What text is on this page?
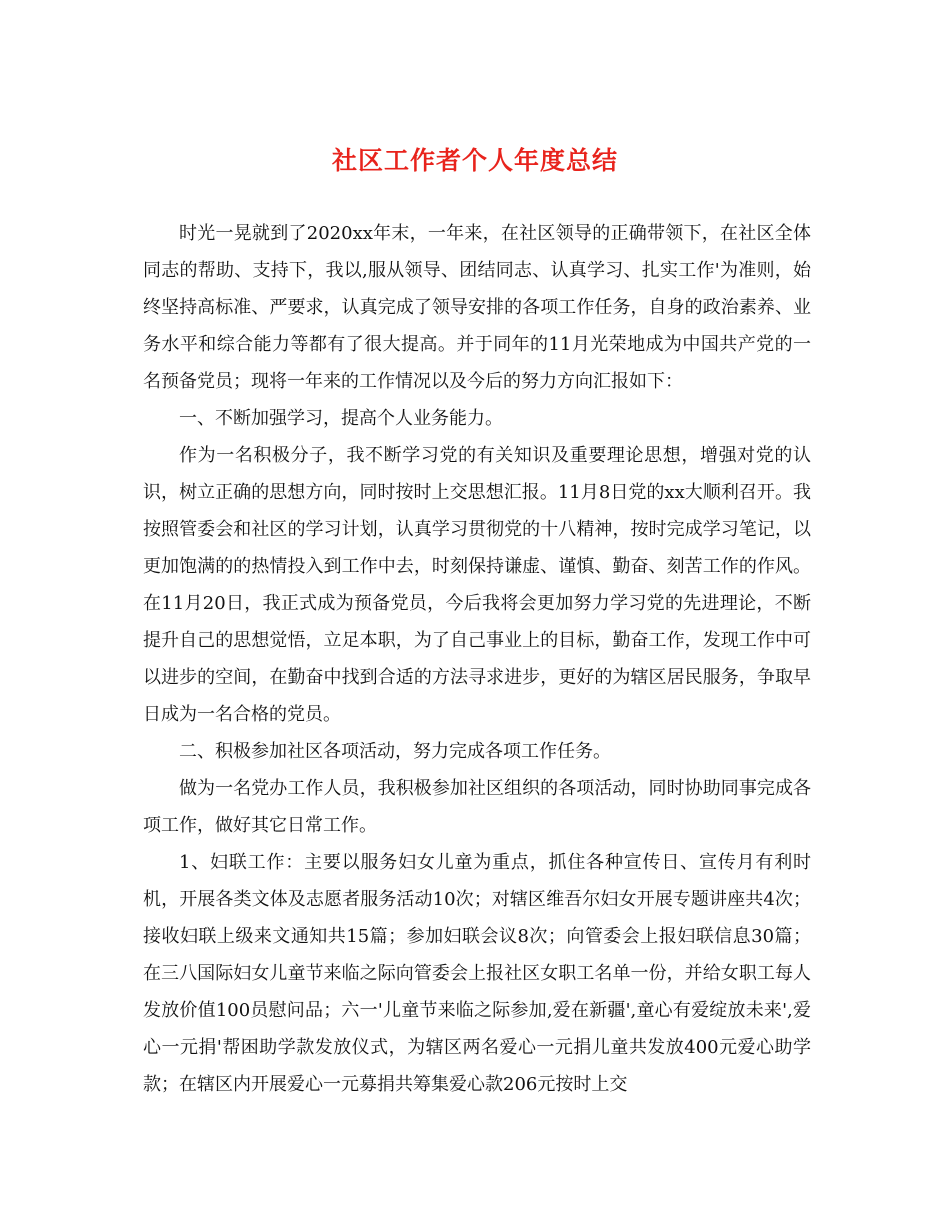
社区工作者个人年度总结

时光一晃就到了2020xx年末，一年来，在社区领导的正确带领下，在社区全体同志的帮助、支持下，我以,服从领导、团结同志、认真学习、扎实工作'为准则，始终坚持高标准、严要求，认真完成了领导安排的各项工作任务，自身的政治素养、业务水平和综合能力等都有了很大提高。并于同年的11月光荣地成为中国共产党的一名预备党员；现将一年来的工作情况以及今后的努力方向汇报如下：

一、不断加强学习，提高个人业务能力。

作为一名积极分子，我不断学习党的有关知识及重要理论思想，增强对党的认识，树立正确的思想方向，同时按时上交思想汇报。11月8日党的xx大顺利召开。我按照管委会和社区的学习计划，认真学习贯彻党的十八精神，按时完成学习笔记，以更加饱满的的热情投入到工作中去，时刻保持谦虚、谨慎、勤奋、刻苦工作的作风。在11月20日，我正式成为预备党员，今后我将会更加努力学习党的先进理论，不断提升自己的思想觉悟，立足本职，为了自己事业上的目标，勤奋工作，发现工作中可以进步的空间，在勤奋中找到合适的方法寻求进步，更好的为辖区居民服务，争取早日成为一名合格的党员。

二、积极参加社区各项活动，努力完成各项工作任务。

做为一名党办工作人员，我积极参加社区组织的各项活动，同时协助同事完成各项工作，做好其它日常工作。

1、妇联工作：主要以服务妇女儿童为重点，抓住各种宣传日、宣传月有利时机，开展各类文体及志愿者服务活动10次；对辖区维吾尔妇女开展专题讲座共4次；接收妇联上级来文通知共15篇；参加妇联会议8次；向管委会上报妇联信息30篇；在三八国际妇女儿童节来临之际向管委会上报社区女职工名单一份，并给女职工每人发放价值100员慰问品；六一'儿童节来临之际参加,爱在新疆',童心有爱绽放未来',爱心一元捐'帮困助学款发放仪式，为辖区两名爱心一元捐儿童共发放400元爱心助学款；在辖区内开展爱心一元募捐共筹集爱心款206元按时上交
